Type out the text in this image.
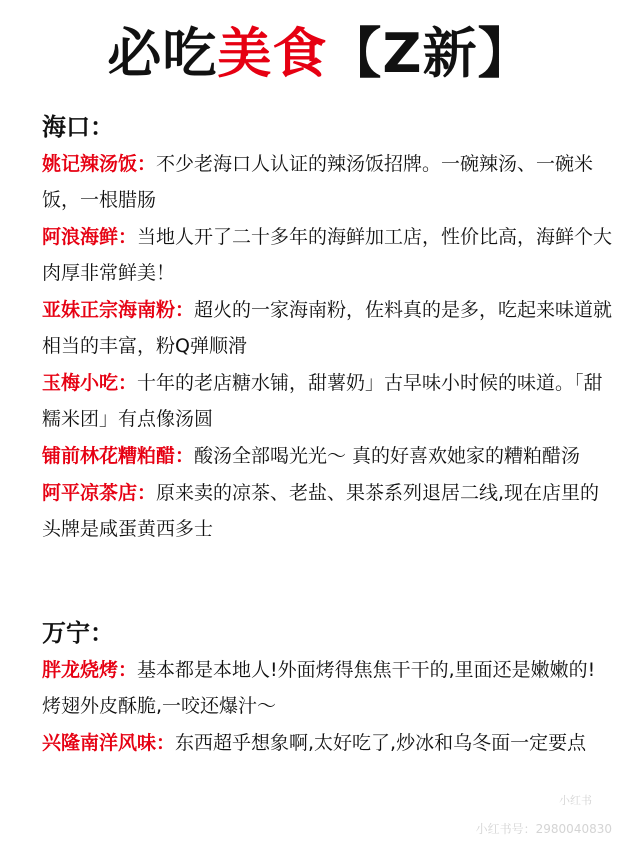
必吃美食【Z新】
海口：
姚记辣汤饭：不少老海口人认证的辣汤饭招牌。一碗辣汤、一碗米饭，一根腊肠
阿浪海鲜：当地人开了二十多年的海鲜加工店，性价比高，海鲜个大肉厚非常鲜美！
亚妹正宗海南粉：超火的一家海南粉，佐料真的是多，吃起来味道就相当的丰富，粉Q弹顺滑
玉梅小吃：十年的老店糖水铺，甜薯奶」古早味小时候的味道。「甜糯米团」有点像汤圆
铺前林花糟粕醋：酸汤全部喝光光～ 真的好喜欢她家的糟粕醋汤
阿平凉茶店：原来卖的凉茶、老盐、果茶系列退居二线,现在店里的头牌是咸蛋黄西多士
万宁：
胖龙烧烤：基本都是本地人!外面烤得焦焦干干的,里面还是嫩嫩的!烤翅外皮酥脆,一咬还爆汁～
兴隆南洋风味：东西超乎想象啊,太好吃了,炒冰和乌冬面一定要点
小红书
小红书号：2980040830
